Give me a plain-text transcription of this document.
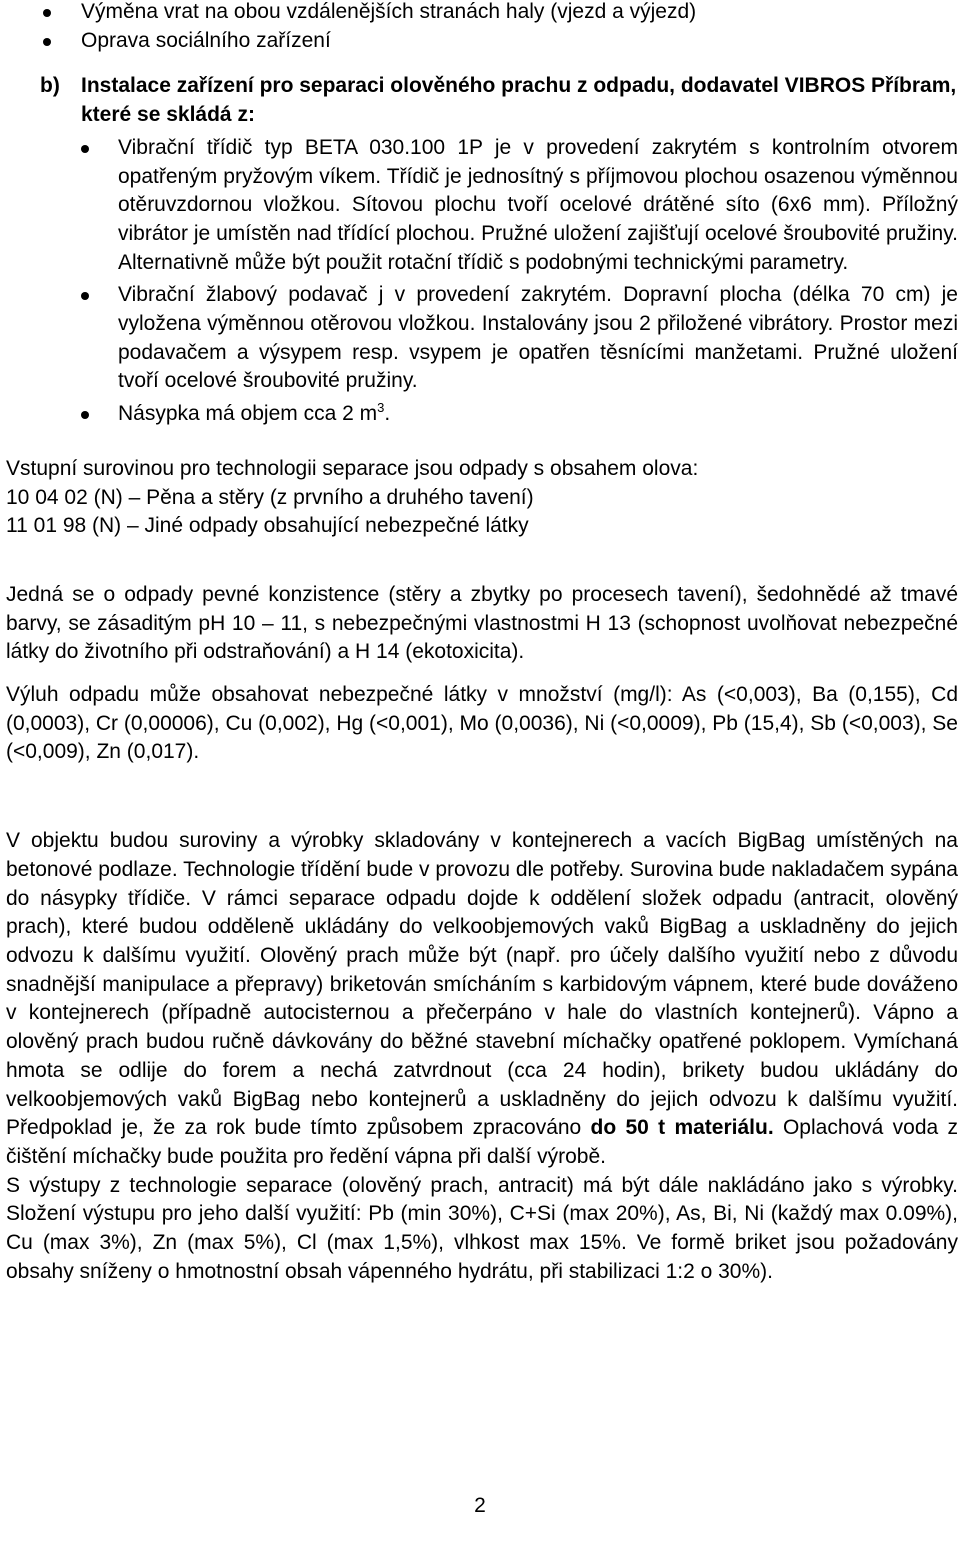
Výměna vrat na obou vzdálenějších stranách haly (vjezd a výjezd)
Oprava sociálního zařízení
b) Instalace zařízení pro separaci olověného prachu z odpadu, dodavatel VIBROS Příbram, které se skládá z:
Vibrační třídič typ BETA 030.100 1P je v provedení zakrytém s kontrolním otvorem opatřeným pryžovým víkem. Třídič je jednosítný s příjmovou plochou osazenou výměnnou otěruvzdornou vložkou. Sítovou plochu tvoří ocelové drátěné síto (6x6 mm). Příložný vibrátor je umístěn nad třídící plochou. Pružné uložení zajišťují ocelové šroubovité pružiny. Alternativně může být použit rotační třídič s podobnými technickými parametry.
Vibrační žlabový podavač j v provedení zakrytém. Dopravní plocha (délka 70 cm) je vyložena výměnnou otěrovou vložkou. Instalovány jsou 2 přiložené vibrátory. Prostor mezi podavačem a výsypem resp. vsypem je opatřen těsnícími manžetami. Pružné uložení tvoří ocelové šroubovité pružiny.
Násypka má objem cca 2 $m^3$.

Vstupní surovinou pro technologii separace jsou odpady s obsahem olova:

10 04 02 (N) – Pěna a stěry (z prvního a druhého tavení)

11 01 98 (N) – Jiné odpady obsahující nebezpečné látky

Jedná se o odpady pevné konzistence (stěry a zbytky po procesech tavení), šedohnědé až tmavé barvy, se zásaditým pH 10 – 11, s nebezpečnými vlastnostmi H 13 (schopnost uvolňovat nebezpečné látky do životního při odstraňování) a H 14 (ekotoxicita).

Výluh odpadu může obsahovat nebezpečné látky v množství (mg/l): As (<0,003), Ba (0,155), Cd (0,0003), Cr (0,00006), Cu (0,002), Hg (<0,001), Mo (0,0036), Ni (<0,0009), Pb (15,4), Sb (<0,003), Se (<0,009), Zn (0,017).

V objektu budou suroviny a výrobky skladovány v kontejnerech a vacích BigBag umístěných na betonové podlaze. Technologie třídění bude v provozu dle potřeby. Surovina bude nakladačem sypána do násypky třídiče. V rámci separace odpadu dojde k oddělení složek odpadu (antracit, olověný prach), které budou odděleně ukládány do velkoobjemových vaků BigBag a uskladněny do jejich odvozu k dalšímu využití. Olověný prach může být (např. pro účely dalšího využití nebo z důvodu snadnější manipulace a přepravy) briketován smícháním s karbidovým vápnem, které bude dováženo v kontejnerech (případně autocisternou a přečerpáno v hale do vlastních kontejnerů). Vápno a olověný prach budou ručně dávkovány do běžné stavební míchačky opatřené poklopem. Vymíchaná hmota se odlije do forem a nechá zatvrdnout (cca 24 hodin), brikety budou ukládány do velkoobjemových vaků BigBag nebo kontejnerů a uskladněny do jejich odvozu k dalšímu využití. Předpoklad je, že za rok bude tímto způsobem zpracováno do 50 t materiálu. Oplachová voda z čištění míchačky bude použita pro ředění vápna při další výrobě.

S výstupy z technologie separace (olověný prach, antracit) má být dále nakládáno jako s výrobky. Složení výstupu pro jeho další využití: Pb (min 30%), C+Si (max 20%), As, Bi, Ni (každý max 0.09%), Cu (max 3%), Zn (max 5%), Cl (max 1,5%), vlhkost max 15%. Ve formě briket jsou požadovány obsahy sníženy o hmotnostní obsah vápenného hydrátu, při stabilizaci 1:2 o 30%).

2
